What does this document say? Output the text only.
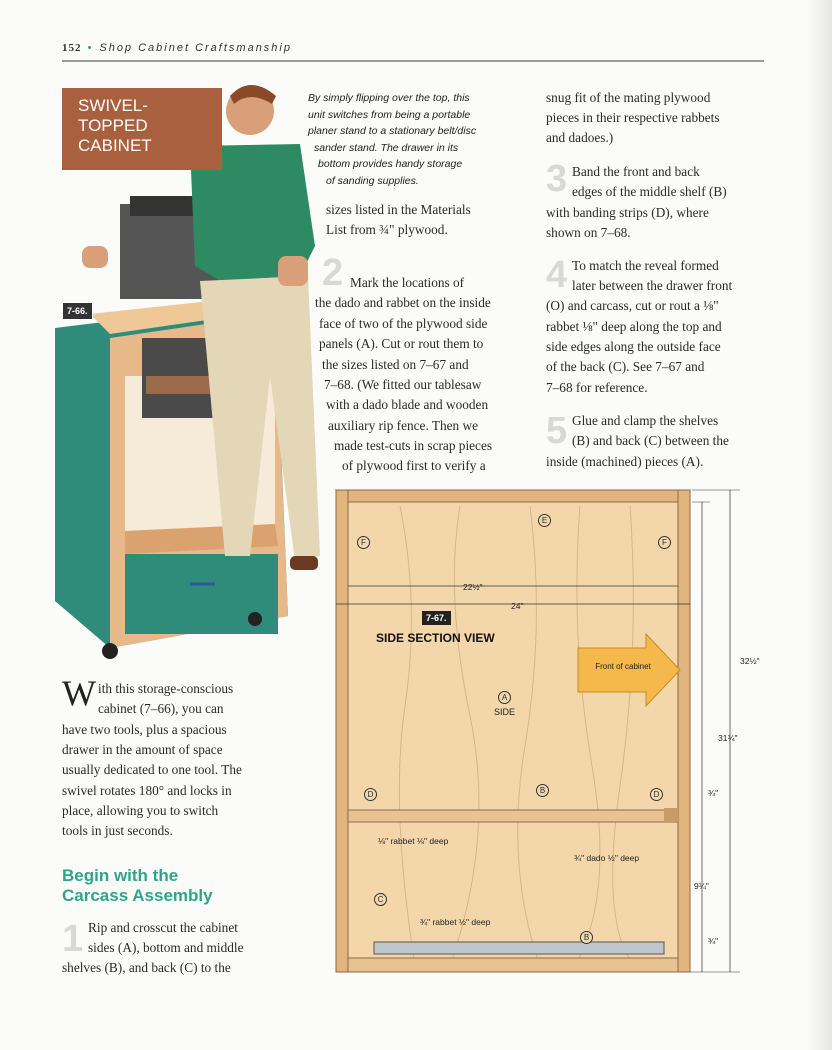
152 • Shop Cabinet Craftsmanship
SWIVEL-
TOPPED
CABINET
7-66.
By simply flipping over the top, this
unit switches from being a portable
planer stand to a stationary belt/disc
sander stand. The drawer in its
bottom provides handy storage
of sanding supplies.
sizes listed in the Materials
List from ¾" plywood.
2 Mark the locations of
the dado and rabbet on the inside
face of two of the plywood side
panels (A). Cut or rout them to
the sizes listed on 7–67 and
7–68. (We fitted our tablesaw
with a dado blade and wooden
auxiliary rip fence. Then we
made test-cuts in scrap pieces
of plywood first to verify a
snug fit of the mating plywood
pieces in their respective rabbets
and dadoes.)
3 Band the front and back
edges of the middle shelf (B)
with banding strips (D), where
shown on 7–68.
4 To match the reveal formed
later between the drawer front
(O) and carcass, cut or rout a ⅛"
rabbet ⅛" deep along the top and
side edges along the outside face
of the back (C). See 7–67 and
7–68 for reference.
5 Glue and clamp the shelves
(B) and back (C) between the
inside (machined) pieces (A).
W ith this storage-conscious
cabinet (7–66), you can
have two tools, plus a spacious
drawer in the amount of space
usually dedicated to one tool. The
swivel rotates 180° and locks in
place, allowing you to switch
tools in just seconds.
Begin with the
Carcass Assembly
1 Rip and crosscut the cabinet
sides (A), bottom and middle
shelves (B), and back (C) to the
22½"
24"
7-67.
SIDE SECTION VIEW
32½"
31¾"
¾"
9¼"
¾"
Front of cabinet
A
SIDE
E
F	F
D	D
B
B
C
⅛" rabbet ⅛" deep
¾" dado ½" deep
¾" rabbet ½" deep
